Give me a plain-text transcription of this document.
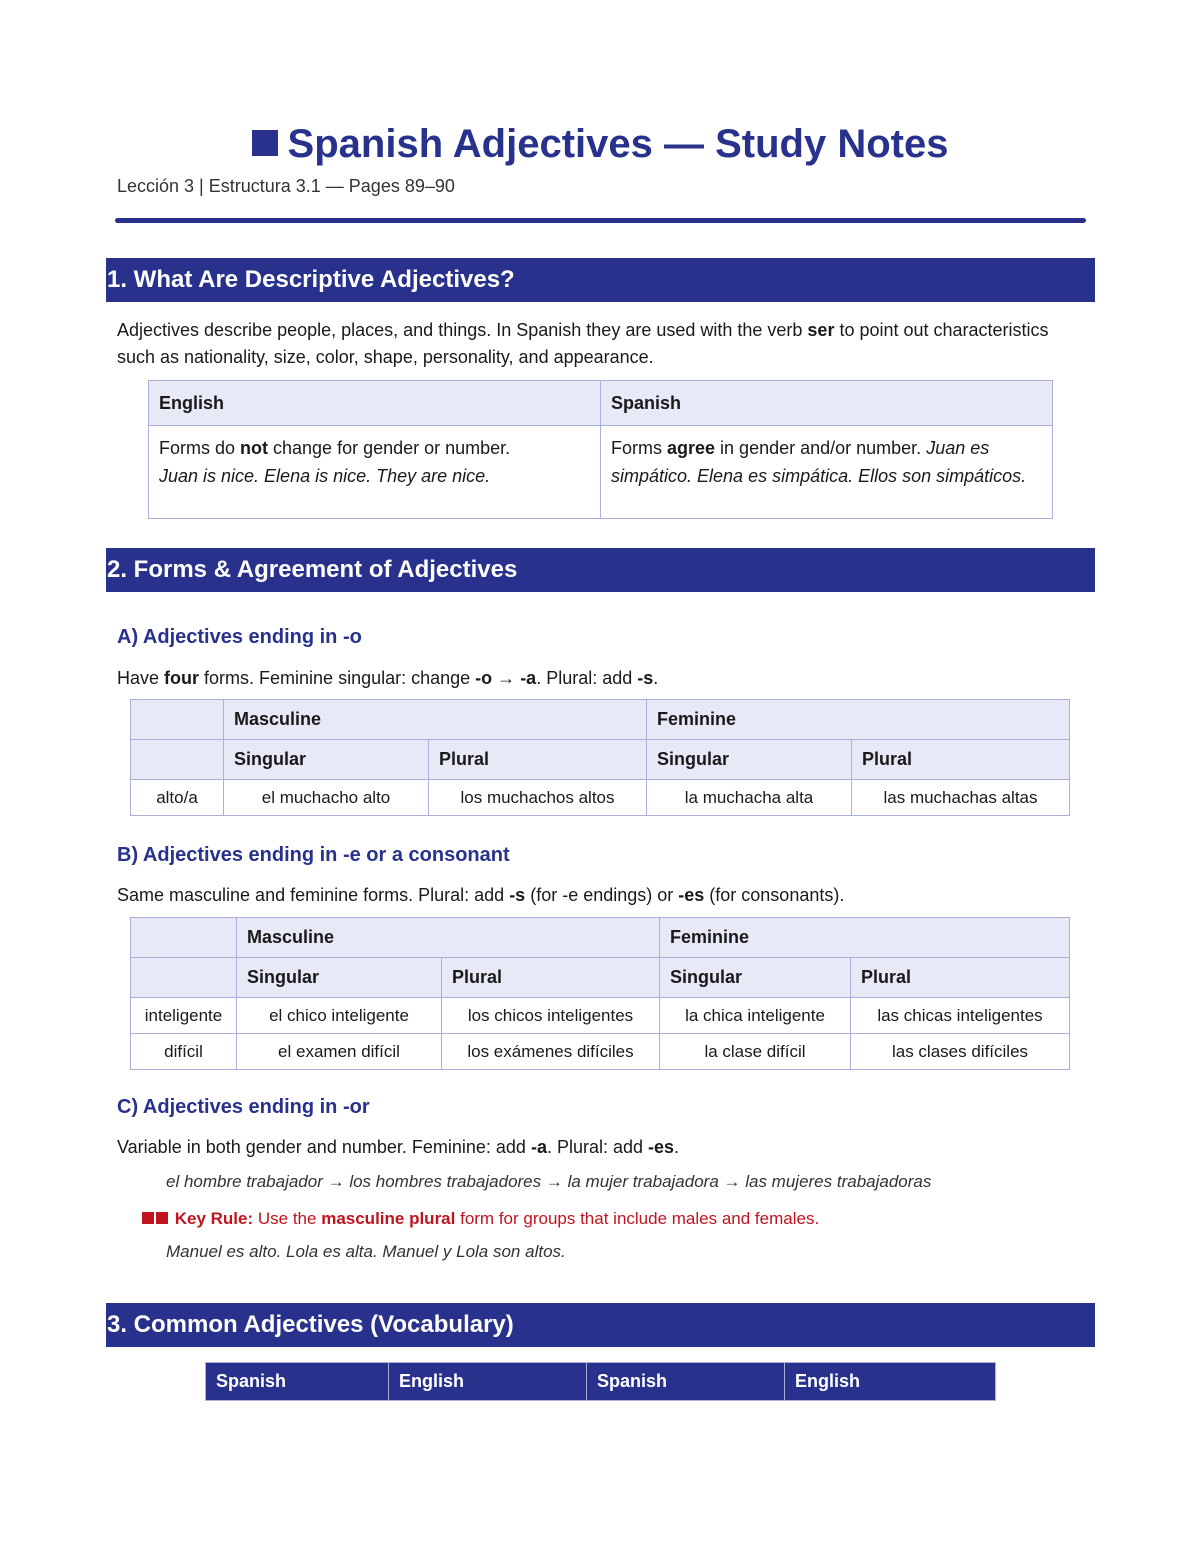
Spanish Adjectives — Study Notes
Lección 3 | Estructura 3.1 — Pages 89–90
1. What Are Descriptive Adjectives?
Adjectives describe people, places, and things. In Spanish they are used with the verb ser to point out characteristics such as nationality, size, color, shape, personality, and appearance.
English	Spanish
Forms do not change for gender or number.
Juan is nice. Elena is nice. They are nice.	Forms agree in gender and/or number. Juan es simpático. Elena es simpática. Ellos son simpáticos.
2. Forms & Agreement of Adjectives
A) Adjectives ending in -o
Have four forms. Feminine singular: change -o → -a. Plural: add -s.
	Masculine		Feminine	
	Singular	Plural	Singular	Plural
alto/a	el muchacho alto	los muchachos altos	la muchacha alta	las muchachas altas
B) Adjectives ending in -e or a consonant
Same masculine and feminine forms. Plural: add -s (for -e endings) or -es (for consonants).
	Masculine		Feminine	
	Singular	Plural	Singular	Plural
inteligente	el chico inteligente	los chicos inteligentes	la chica inteligente	las chicas inteligentes
difícil	el examen difícil	los exámenes difíciles	la clase difícil	las clases difíciles
C) Adjectives ending in -or
Variable in both gender and number. Feminine: add -a. Plural: add -es.
el hombre trabajador → los hombres trabajadores → la mujer trabajadora → las mujeres trabajadoras
Key Rule: Use the masculine plural form for groups that include males and females.
Manuel es alto. Lola es alta. Manuel y Lola son altos.
3. Common Adjectives (Vocabulary)
Spanish	English	Spanish	English
